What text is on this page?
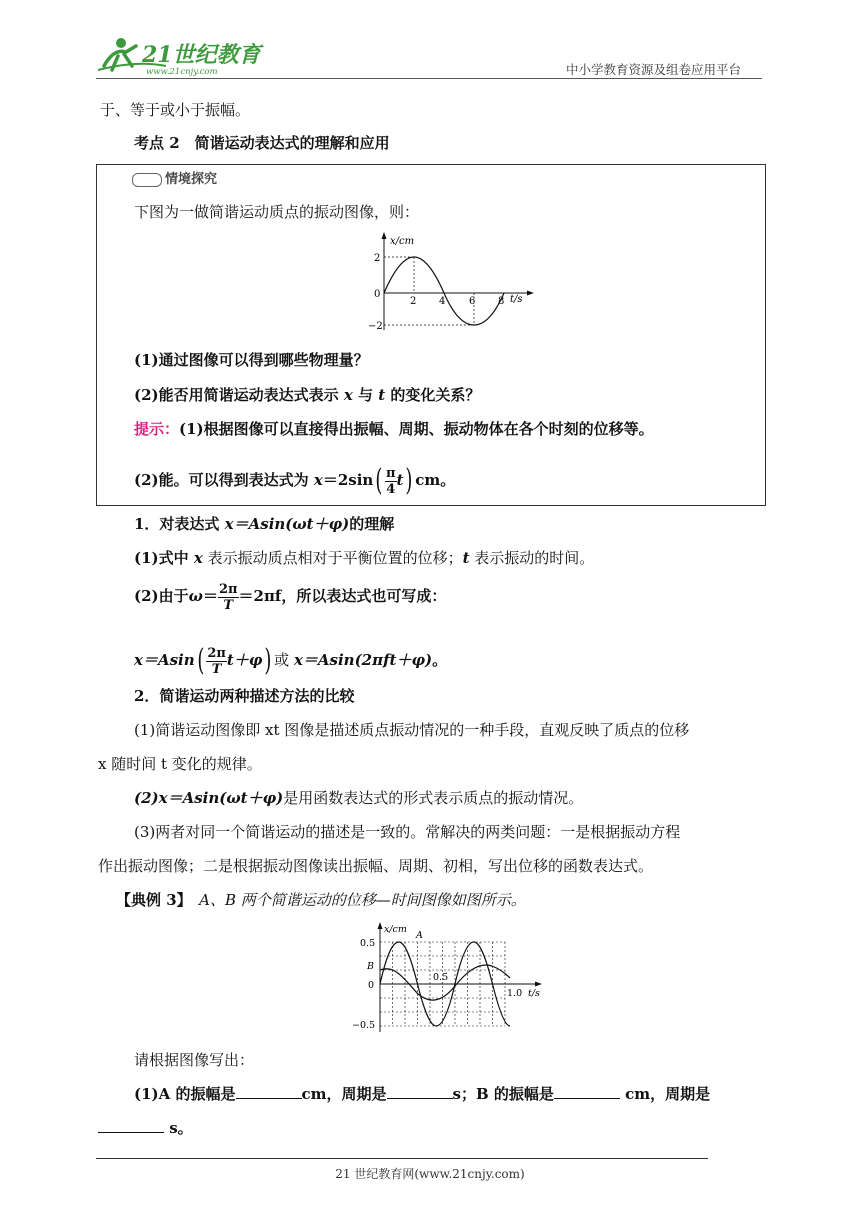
21世纪教育
www.21cnjy.com	中小学教育资源及组卷应用平台
于、等于或小于振幅。
考点 2　简谐运动表达式的理解和应用
情境探究
下图为一做简谐运动质点的振动图像，则：
x/cm
t/s
2
0
−2
2 4 6 8
(1)通过图像可以得到哪些物理量？
(2)能否用简谐运动表达式表示 x 与 t 的变化关系？
提示：(1)根据图像可以直接得出振幅、周期、振动物体在各个时刻的位移等。
(2)能。可以得到表达式为 $x=2\sin( \frac{\pi}{4} t)$ cm。
1．对表达式 x＝Asin(ωt＋φ)的理解
(1)式中 x 表示振动质点相对于平衡位置的位移；t 表示振动的时间。
(2)由于$\omega= \frac{2\pi}{T} =2\pi f$，所以表达式也可写成：
$x=Asin( \frac{2\pi}{T} t+\varphi)$ 或 x＝Asin(2πft＋φ)。
2．简谐运动两种描述方法的比较
(1)简谐运动图像即 xt 图像是描述质点振动情况的一种手段，直观反映了质点的位移
x 随时间 t 变化的规律。
(2)x＝Asin(ωt＋φ)是用函数表达式的形式表示质点的振动情况。
(3)两者对同一个简谐运动的描述是一致的。常解决的两类问题：一是根据振动方程
作出振动图像；二是根据振动图像读出振幅、周期、初相，写出位移的函数表达式。
【典例 3】　A、B 两个简谐运动的位移—时间图像如图所示。
x/cm
t/s
0.5
B
0
−0.5
0.5
1.0
A
请根据图像写出：
(1)A 的振幅是	cm，周期是	s；B 的振幅是	cm，周期是
s。
21 世纪教育网(www.21cnjy.com)
